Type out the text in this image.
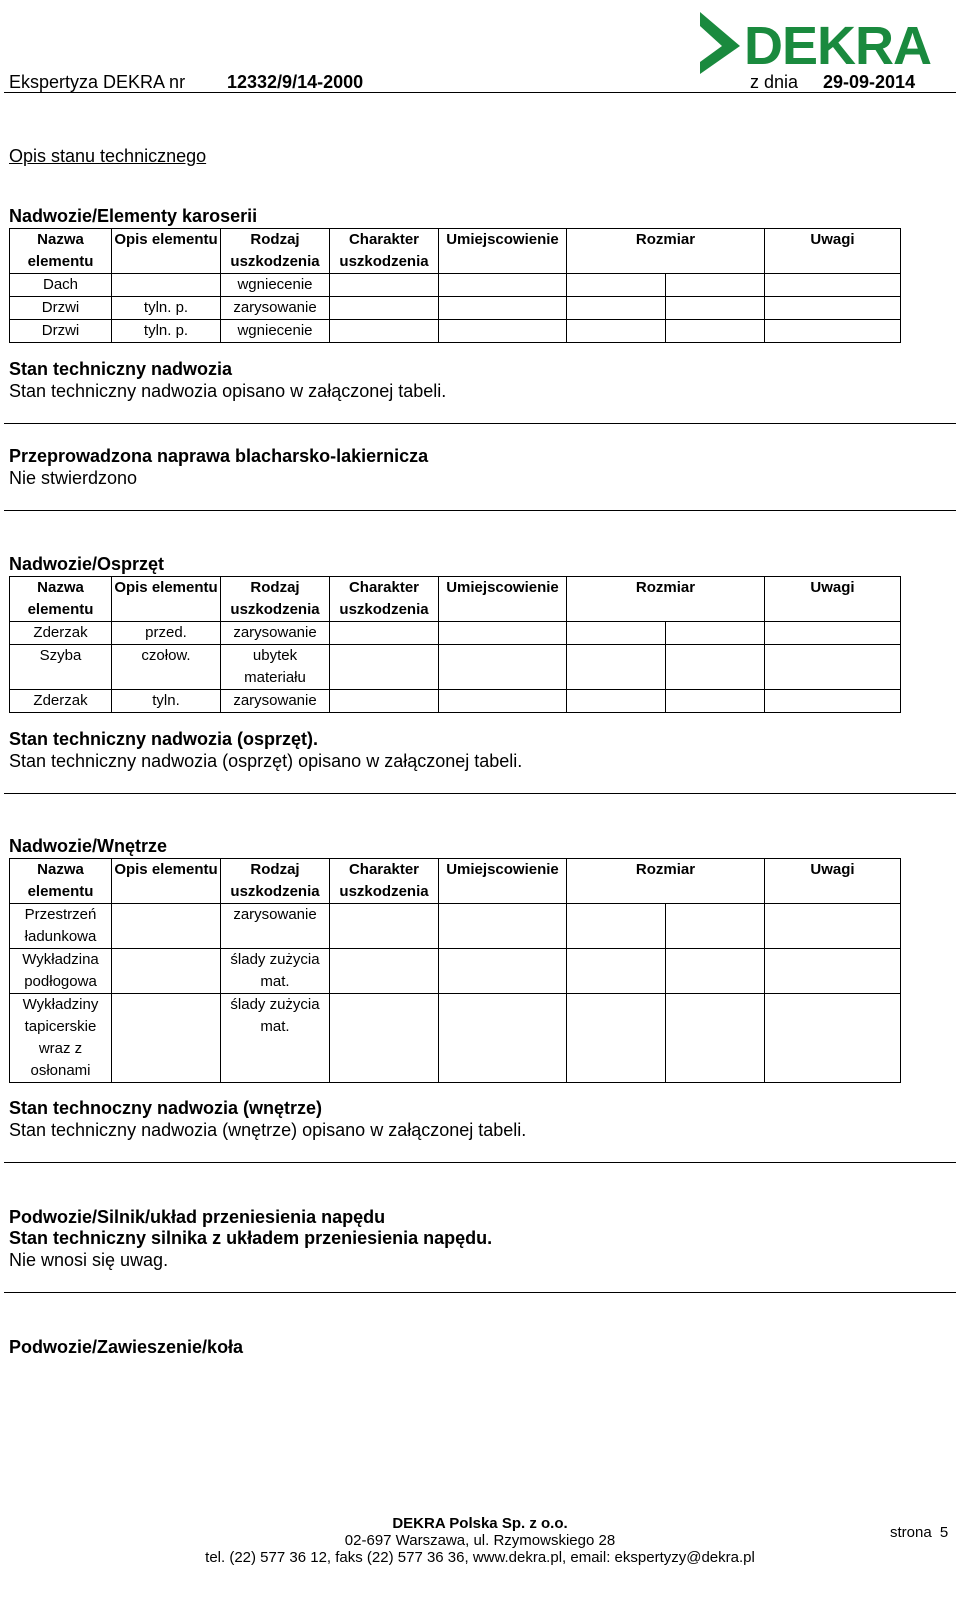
DEKRA
Ekspertyza DEKRA nr 12332/9/14-2000	z dnia 29-09-2014
Opis stanu technicznego
Nadwozie/Elementy karoserii
Nazwa elementu	Opis elementu	Rodzaj uszkodzenia	Charakter uszkodzenia	Umiejscowienie	Rozmiar		Uwagi
Dach		wgniecenie					
Drzwi	tyln. p.	zarysowanie					
Drzwi	tyln. p.	wgniecenie					
Stan techniczny nadwozia
Stan techniczny nadwozia opisano w załączonej tabeli.
Przeprowadzona naprawa blacharsko-lakiernicza
Nie stwierdzono
Nadwozie/Osprzęt
Nazwa elementu	Opis elementu	Rodzaj uszkodzenia	Charakter uszkodzenia	Umiejscowienie	Rozmiar		Uwagi
Zderzak	przed.	zarysowanie					
Szyba	czołow.	ubytek materiału					
Zderzak	tyln.	zarysowanie					
Stan techniczny nadwozia (osprzęt).
Stan techniczny nadwozia (osprzęt) opisano w załączonej tabeli.
Nadwozie/Wnętrze
Nazwa elementu	Opis elementu	Rodzaj uszkodzenia	Charakter uszkodzenia	Umiejscowienie	Rozmiar		Uwagi
Przestrzeń ładunkowa		zarysowanie					
Wykładzina podłogowa		ślady zużycia mat.					
Wykładziny tapicerskie wraz z osłonami		ślady zużycia mat.					
Stan technoczny nadwozia (wnętrze)
Stan techniczny nadwozia (wnętrze) opisano w załączonej tabeli.
Podwozie/Silnik/układ przeniesienia napędu
Stan techniczny silnika z układem przeniesienia napędu.
Nie wnosi się uwag.
Podwozie/Zawieszenie/koła
strona 5
DEKRA Polska Sp. z o.o.
02-697 Warszawa, ul. Rzymowskiego 28
tel. (22) 577 36 12, faks (22) 577 36 36, www.dekra.pl, email: ekspertyzy@dekra.pl
